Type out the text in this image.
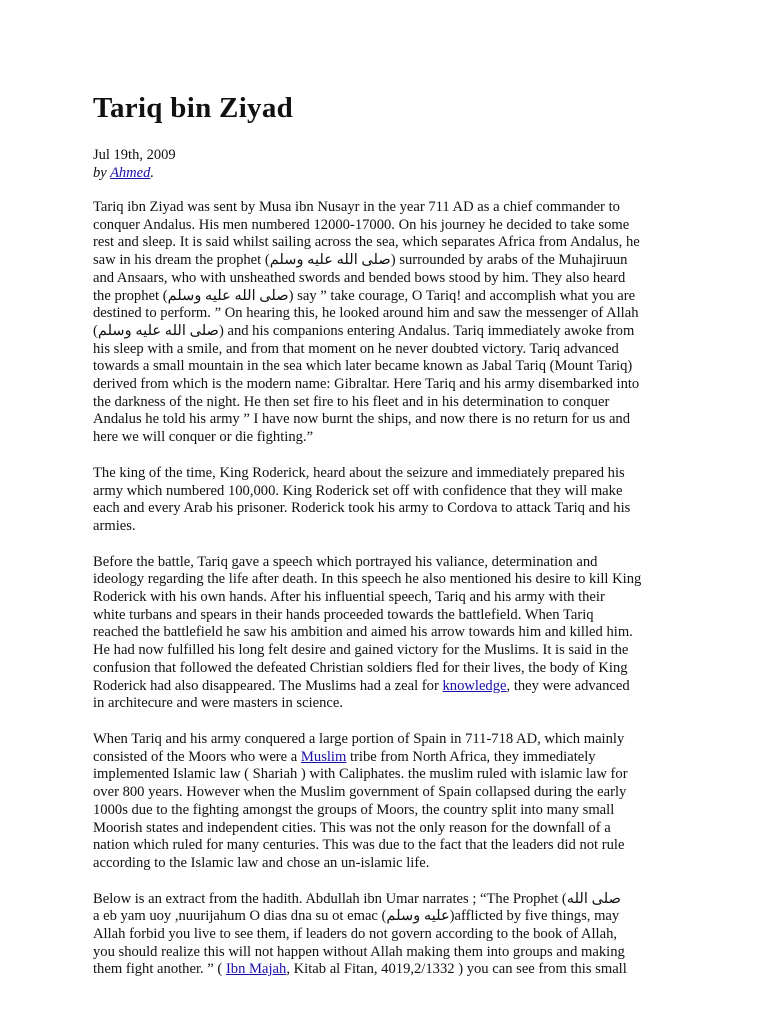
Tariq bin Ziyad
Jul 19th, 2009
by Ahmed.

Tariq ibn Ziyad was sent by Musa ibn Nusayr in the year 711 AD as a chief commander to
conquer Andalus. His men numbered 12000-17000. On his journey he decided to take some
rest and sleep. It is said whilst sailing across the sea, which separates Africa from Andalus, he
saw in his dream the prophet (صلى الله عليه وسلم) surrounded by arabs of the Muhajiruun
and Ansaars, who with unsheathed swords and bended bows stood by him. They also heard
the prophet (صلى الله عليه وسلم) say ” take courage, O Tariq! and accomplish what you are
destined to perform. ” On hearing this, he looked around him and saw the messenger of Allah
(صلى الله عليه وسلم) and his companions entering Andalus. Tariq immediately awoke from
his sleep with a smile, and from that moment on he never doubted victory. Tariq advanced
towards a small mountain in the sea which later became known as Jabal Tariq (Mount Tariq)
derived from which is the modern name: Gibraltar. Here Tariq and his army disembarked into
the darkness of the night. He then set fire to his fleet and in his determination to conquer
Andalus he told his army ” I have now burnt the ships, and now there is no return for us and
here we will conquer or die fighting.”

The king of the time, King Roderick, heard about the seizure and immediately prepared his
army which numbered 100,000. King Roderick set off with confidence that they will make
each and every Arab his prisoner. Roderick took his army to Cordova to attack Tariq and his
armies.

Before the battle, Tariq gave a speech which portrayed his valiance, determination and
ideology regarding the life after death. In this speech he also mentioned his desire to kill King
Roderick with his own hands. After his influential speech, Tariq and his army with their
white turbans and spears in their hands proceeded towards the battlefield. When Tariq
reached the battlefield he saw his ambition and aimed his arrow towards him and killed him.
He had now fulfilled his long felt desire and gained victory for the Muslims. It is said in the
confusion that followed the defeated Christian soldiers fled for their lives, the body of King
Roderick had also disappeared. The Muslims had a zeal for knowledge, they were advanced
in architecure and were masters in science.

When Tariq and his army conquered a large portion of Spain in 711-718 AD, which mainly
consisted of the Moors who were a Muslim tribe from North Africa, they immediately
implemented Islamic law ( Shariah ) with Caliphates. the muslim ruled with islamic law for
over 800 years. However when the Muslim government of Spain collapsed during the early
1000s due to the fighting amongst the groups of Moors, the country split into many small
Moorish states and independent cities. This was not the only reason for the downfall of a
nation which ruled for many centuries. This was due to the fact that the leaders did not rule
according to the Islamic law and chose an un-islamic life.

Below is an extract from the hadith. Abdullah ibn Umar narrates ; “The Prophet (صلى الله
a eb yam uoy ,nuurijahum O dias dna su ot emac (عليه وسلم)afflicted by five things, may
Allah forbid you live to see them, if leaders do not govern according to the book of Allah,
you should realize this will not happen without Allah making them into groups and making
them fight another. ” ( Ibn Majah, Kitab al Fitan, 4019,2/1332 ) you can see from this small
